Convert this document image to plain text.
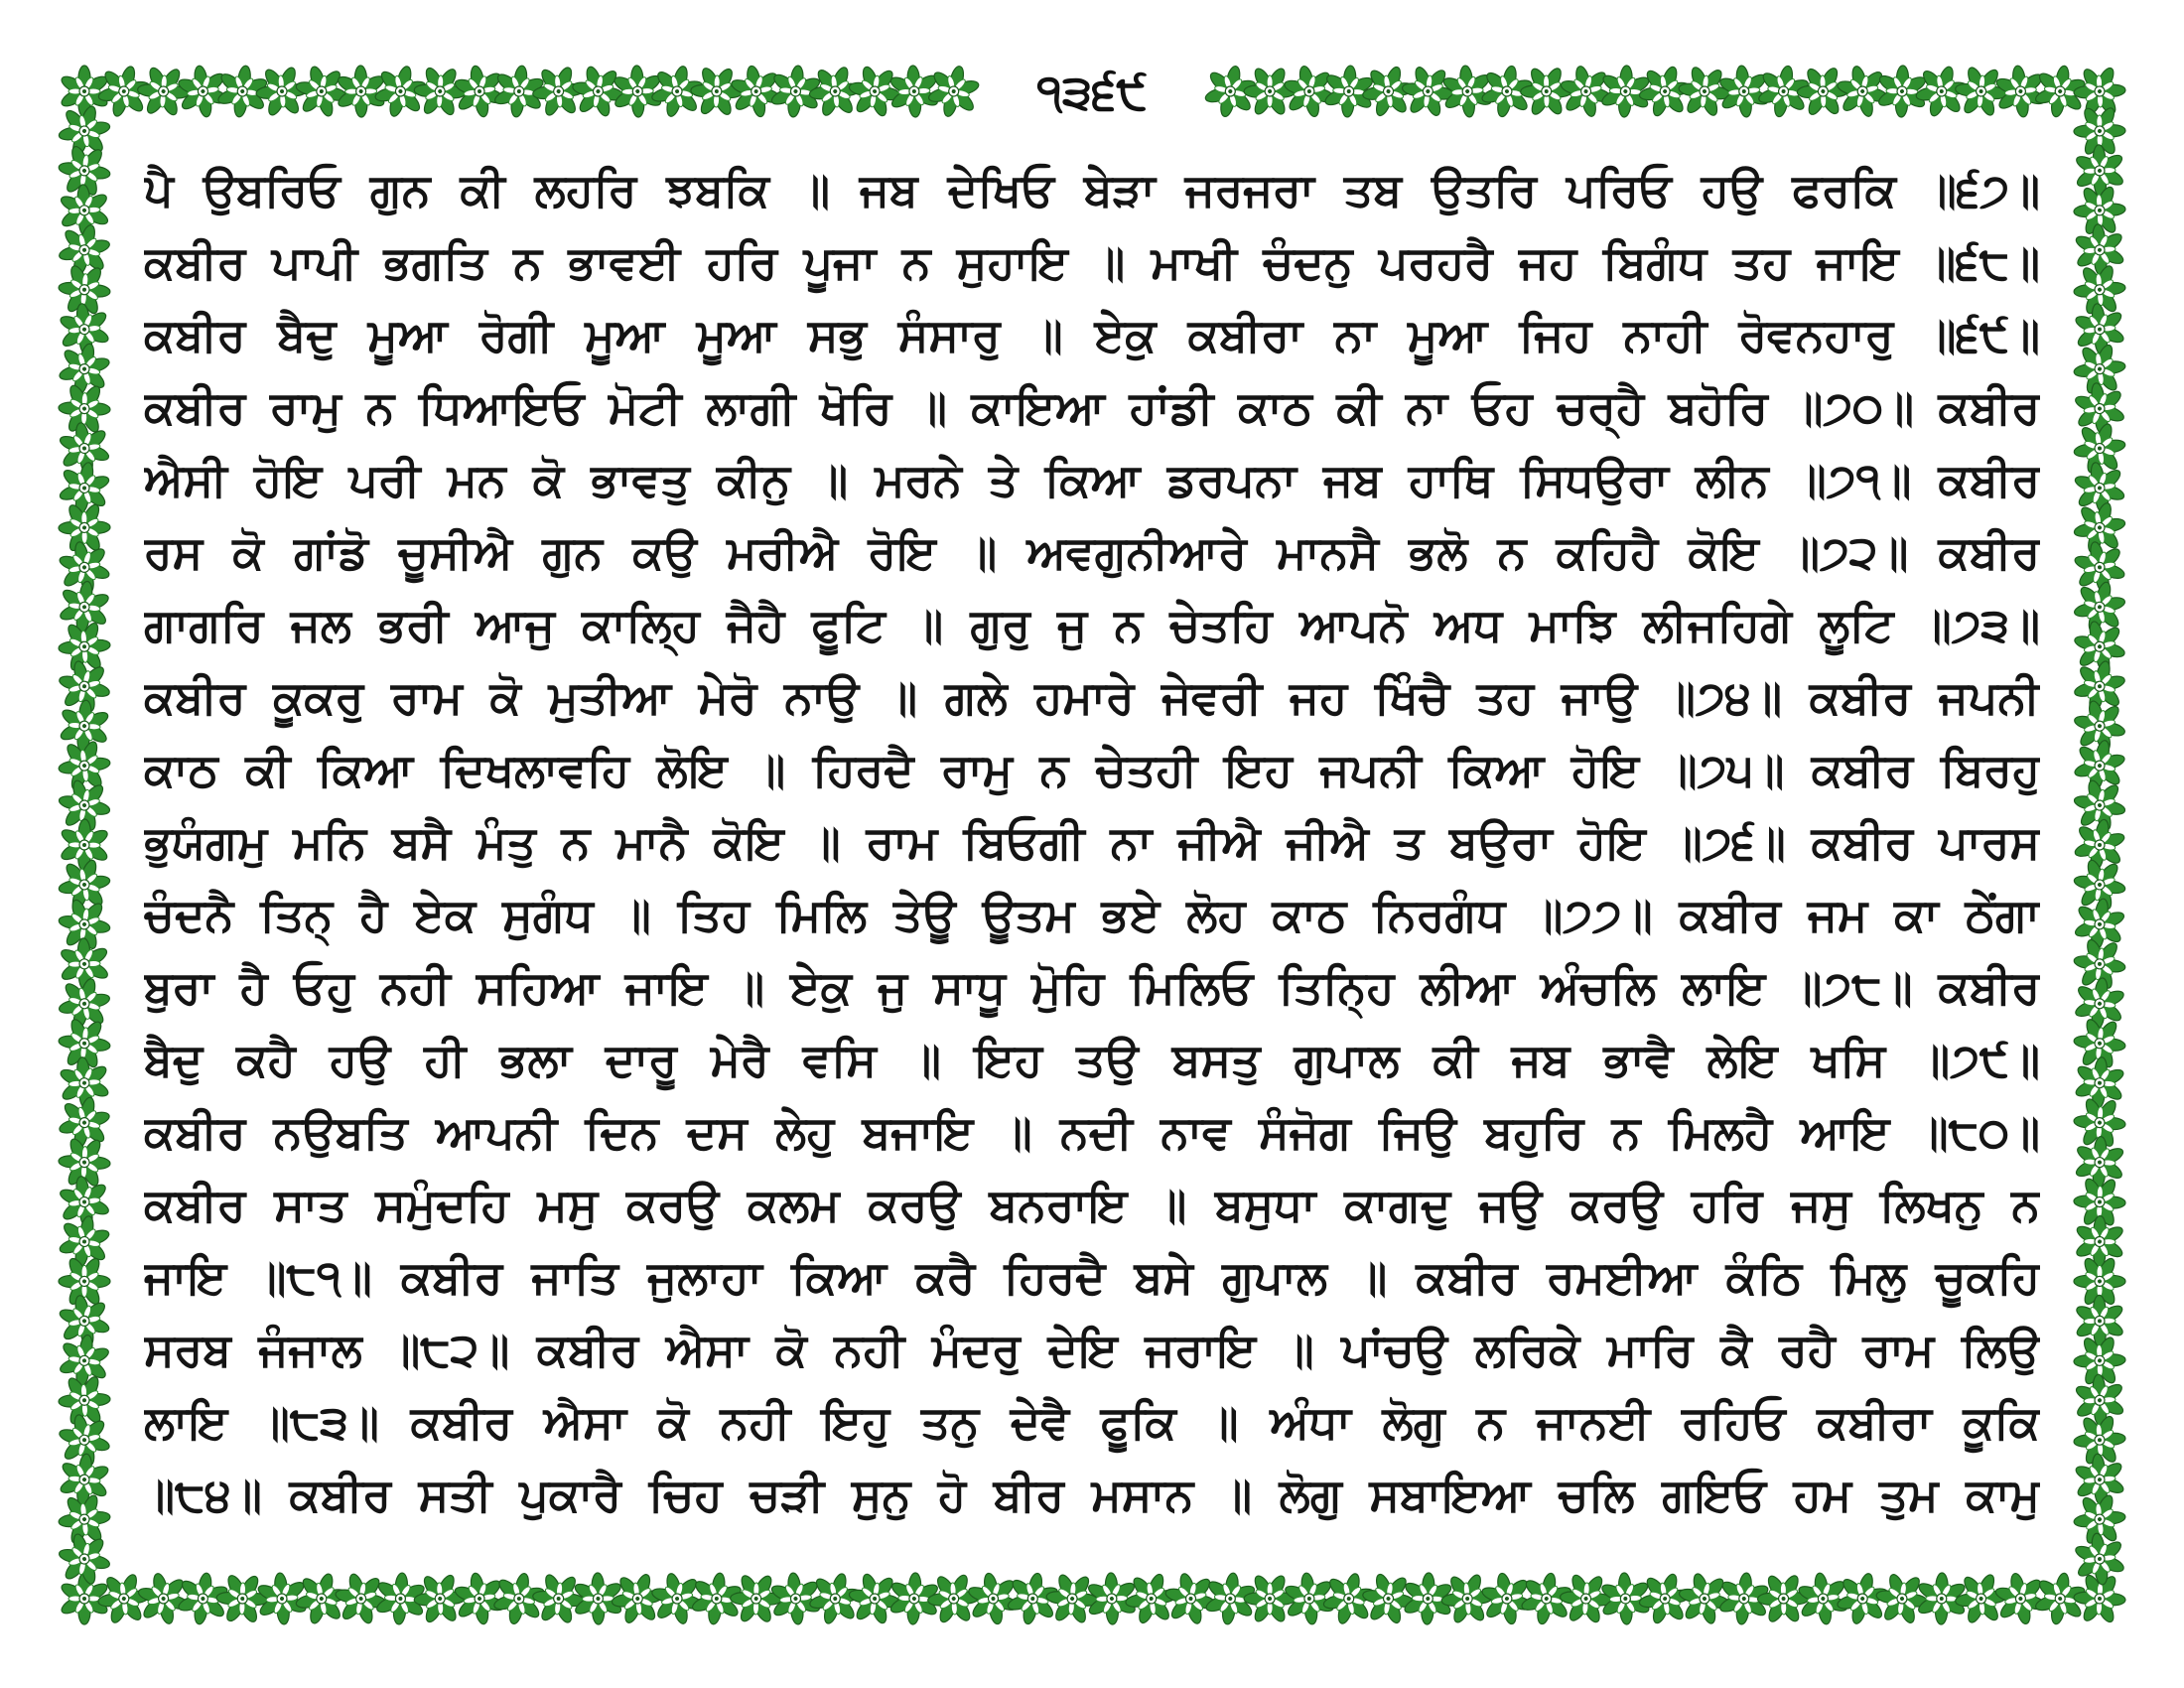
੧੩੬੯
ਪੈ ਉਬਰਿਓ ਗੁਨ ਕੀ ਲਹਰਿ ਝਬਕਿ ॥ ਜਬ ਦੇਖਿਓ ਬੇੜਾ ਜਰਜਰਾ ਤਬ ਉਤਰਿ ਪਰਿਓ ਹਉ ਫਰਕਿ ॥੬੭॥
ਕਬੀਰ ਪਾਪੀ ਭਗਤਿ ਨ ਭਾਵਈ ਹਰਿ ਪੂਜਾ ਨ ਸੁਹਾਇ ॥ ਮਾਖੀ ਚੰਦਨੁ ਪਰਹਰੈ ਜਹ ਬਿਗੰਧ ਤਹ ਜਾਇ ॥੬੮॥
ਕਬੀਰ ਬੈਦੁ ਮੂਆ ਰੋਗੀ ਮੂਆ ਮੂਆ ਸਭੁ ਸੰਸਾਰੁ ॥ ਏਕੁ ਕਬੀਰਾ ਨਾ ਮੂਆ ਜਿਹ ਨਾਹੀ ਰੋਵਨਹਾਰੁ ॥੬੯॥
ਕਬੀਰ ਰਾਮੁ ਨ ਧਿਆਇਓ ਮੋਟੀ ਲਾਗੀ ਖੋਰਿ ॥ ਕਾਇਆ ਹਾਂਡੀ ਕਾਠ ਕੀ ਨਾ ਓਹ ਚਰ੍ਹੈ ਬਹੋਰਿ ॥੭੦॥ ਕਬੀਰ
ਐਸੀ ਹੋਇ ਪਰੀ ਮਨ ਕੋ ਭਾਵਤੁ ਕੀਨੁ ॥ ਮਰਨੇ ਤੇ ਕਿਆ ਡਰਪਨਾ ਜਬ ਹਾਥਿ ਸਿਧਉਰਾ ਲੀਨ ॥੭੧॥ ਕਬੀਰ
ਰਸ ਕੋ ਗਾਂਡੋ ਚੂਸੀਐ ਗੁਨ ਕਉ ਮਰੀਐ ਰੋਇ ॥ ਅਵਗੁਨੀਆਰੇ ਮਾਨਸੈ ਭਲੋ ਨ ਕਹਿਹੈ ਕੋਇ ॥੭੨॥ ਕਬੀਰ
ਗਾਗਰਿ ਜਲ ਭਰੀ ਆਜੁ ਕਾਲ੍ਹਿ ਜੈਹੈ ਫੂਟਿ ॥ ਗੁਰੁ ਜੁ ਨ ਚੇਤਹਿ ਆਪਨੋ ਅਧ ਮਾਝਿ ਲੀਜਹਿਗੇ ਲੂਟਿ ॥੭੩॥
ਕਬੀਰ ਕੂਕਰੁ ਰਾਮ ਕੋ ਮੁਤੀਆ ਮੇਰੋ ਨਾਉ ॥ ਗਲੇ ਹਮਾਰੇ ਜੇਵਰੀ ਜਹ ਖਿੰਚੈ ਤਹ ਜਾਉ ॥੭੪॥ ਕਬੀਰ ਜਪਨੀ
ਕਾਠ ਕੀ ਕਿਆ ਦਿਖਲਾਵਹਿ ਲੋਇ ॥ ਹਿਰਦੈ ਰਾਮੁ ਨ ਚੇਤਹੀ ਇਹ ਜਪਨੀ ਕਿਆ ਹੋਇ ॥੭੫॥ ਕਬੀਰ ਬਿਰਹੁ
ਭੁਯੰਗਮੁ ਮਨਿ ਬਸੈ ਮੰਤੁ ਨ ਮਾਨੈ ਕੋਇ ॥ ਰਾਮ ਬਿਓਗੀ ਨਾ ਜੀਐ ਜੀਐ ਤ ਬਉਰਾ ਹੋਇ ॥੭੬॥ ਕਬੀਰ ਪਾਰਸ
ਚੰਦਨੈ ਤਿਨ੍ ਹੈ ਏਕ ਸੁਗੰਧ ॥ ਤਿਹ ਮਿਲਿ ਤੇਊ ਊਤਮ ਭਏ ਲੋਹ ਕਾਠ ਨਿਰਗੰਧ ॥੭੭॥ ਕਬੀਰ ਜਮ ਕਾ ਠੇਂਗਾ
ਬੁਰਾ ਹੈ ਓਹੁ ਨਹੀ ਸਹਿਆ ਜਾਇ ॥ ਏਕੁ ਜੁ ਸਾਧੂ ਮੋੁਹਿ ਮਿਲਿਓ ਤਿਨ੍ਹਿ ਲੀਆ ਅੰਚਲਿ ਲਾਇ ॥੭੮॥ ਕਬੀਰ
ਬੈਦੁ ਕਹੈ ਹਉ ਹੀ ਭਲਾ ਦਾਰੂ ਮੇਰੈ ਵਸਿ ॥ ਇਹ ਤਉ ਬਸਤੁ ਗੁਪਾਲ ਕੀ ਜਬ ਭਾਵੈ ਲੇਇ ਖਸਿ ॥੭੯॥
ਕਬੀਰ ਨਉਬਤਿ ਆਪਨੀ ਦਿਨ ਦਸ ਲੇਹੁ ਬਜਾਇ ॥ ਨਦੀ ਨਾਵ ਸੰਜੋਗ ਜਿਉ ਬਹੁਰਿ ਨ ਮਿਲਹੈ ਆਇ ॥੮੦॥
ਕਬੀਰ ਸਾਤ ਸਮੁੰਦਹਿ ਮਸੁ ਕਰਉ ਕਲਮ ਕਰਉ ਬਨਰਾਇ ॥ ਬਸੁਧਾ ਕਾਗਦੁ ਜਉ ਕਰਉ ਹਰਿ ਜਸੁ ਲਿਖਨੁ ਨ
ਜਾਇ ॥੮੧॥ ਕਬੀਰ ਜਾਤਿ ਜੁਲਾਹਾ ਕਿਆ ਕਰੈ ਹਿਰਦੈ ਬਸੇ ਗੁਪਾਲ ॥ ਕਬੀਰ ਰਮਈਆ ਕੰਠਿ ਮਿਲੁ ਚੂਕਹਿ
ਸਰਬ ਜੰਜਾਲ ॥੮੨॥ ਕਬੀਰ ਐਸਾ ਕੋ ਨਹੀ ਮੰਦਰੁ ਦੇਇ ਜਰਾਇ ॥ ਪਾਂਚਉ ਲਰਿਕੇ ਮਾਰਿ ਕੈ ਰਹੈ ਰਾਮ ਲਿਉ
ਲਾਇ ॥੮੩॥ ਕਬੀਰ ਐਸਾ ਕੋ ਨਹੀ ਇਹੁ ਤਨੁ ਦੇਵੈ ਫੂਕਿ ॥ ਅੰਧਾ ਲੋਗੁ ਨ ਜਾਨਈ ਰਹਿਓ ਕਬੀਰਾ ਕੂਕਿ
॥੮੪॥ ਕਬੀਰ ਸਤੀ ਪੁਕਾਰੈ ਚਿਹ ਚੜੀ ਸੁਨੁ ਹੋ ਬੀਰ ਮਸਾਨ ॥ ਲੋਗੁ ਸਬਾਇਆ ਚਲਿ ਗਇਓ ਹਮ ਤੁਮ ਕਾਮੁ
